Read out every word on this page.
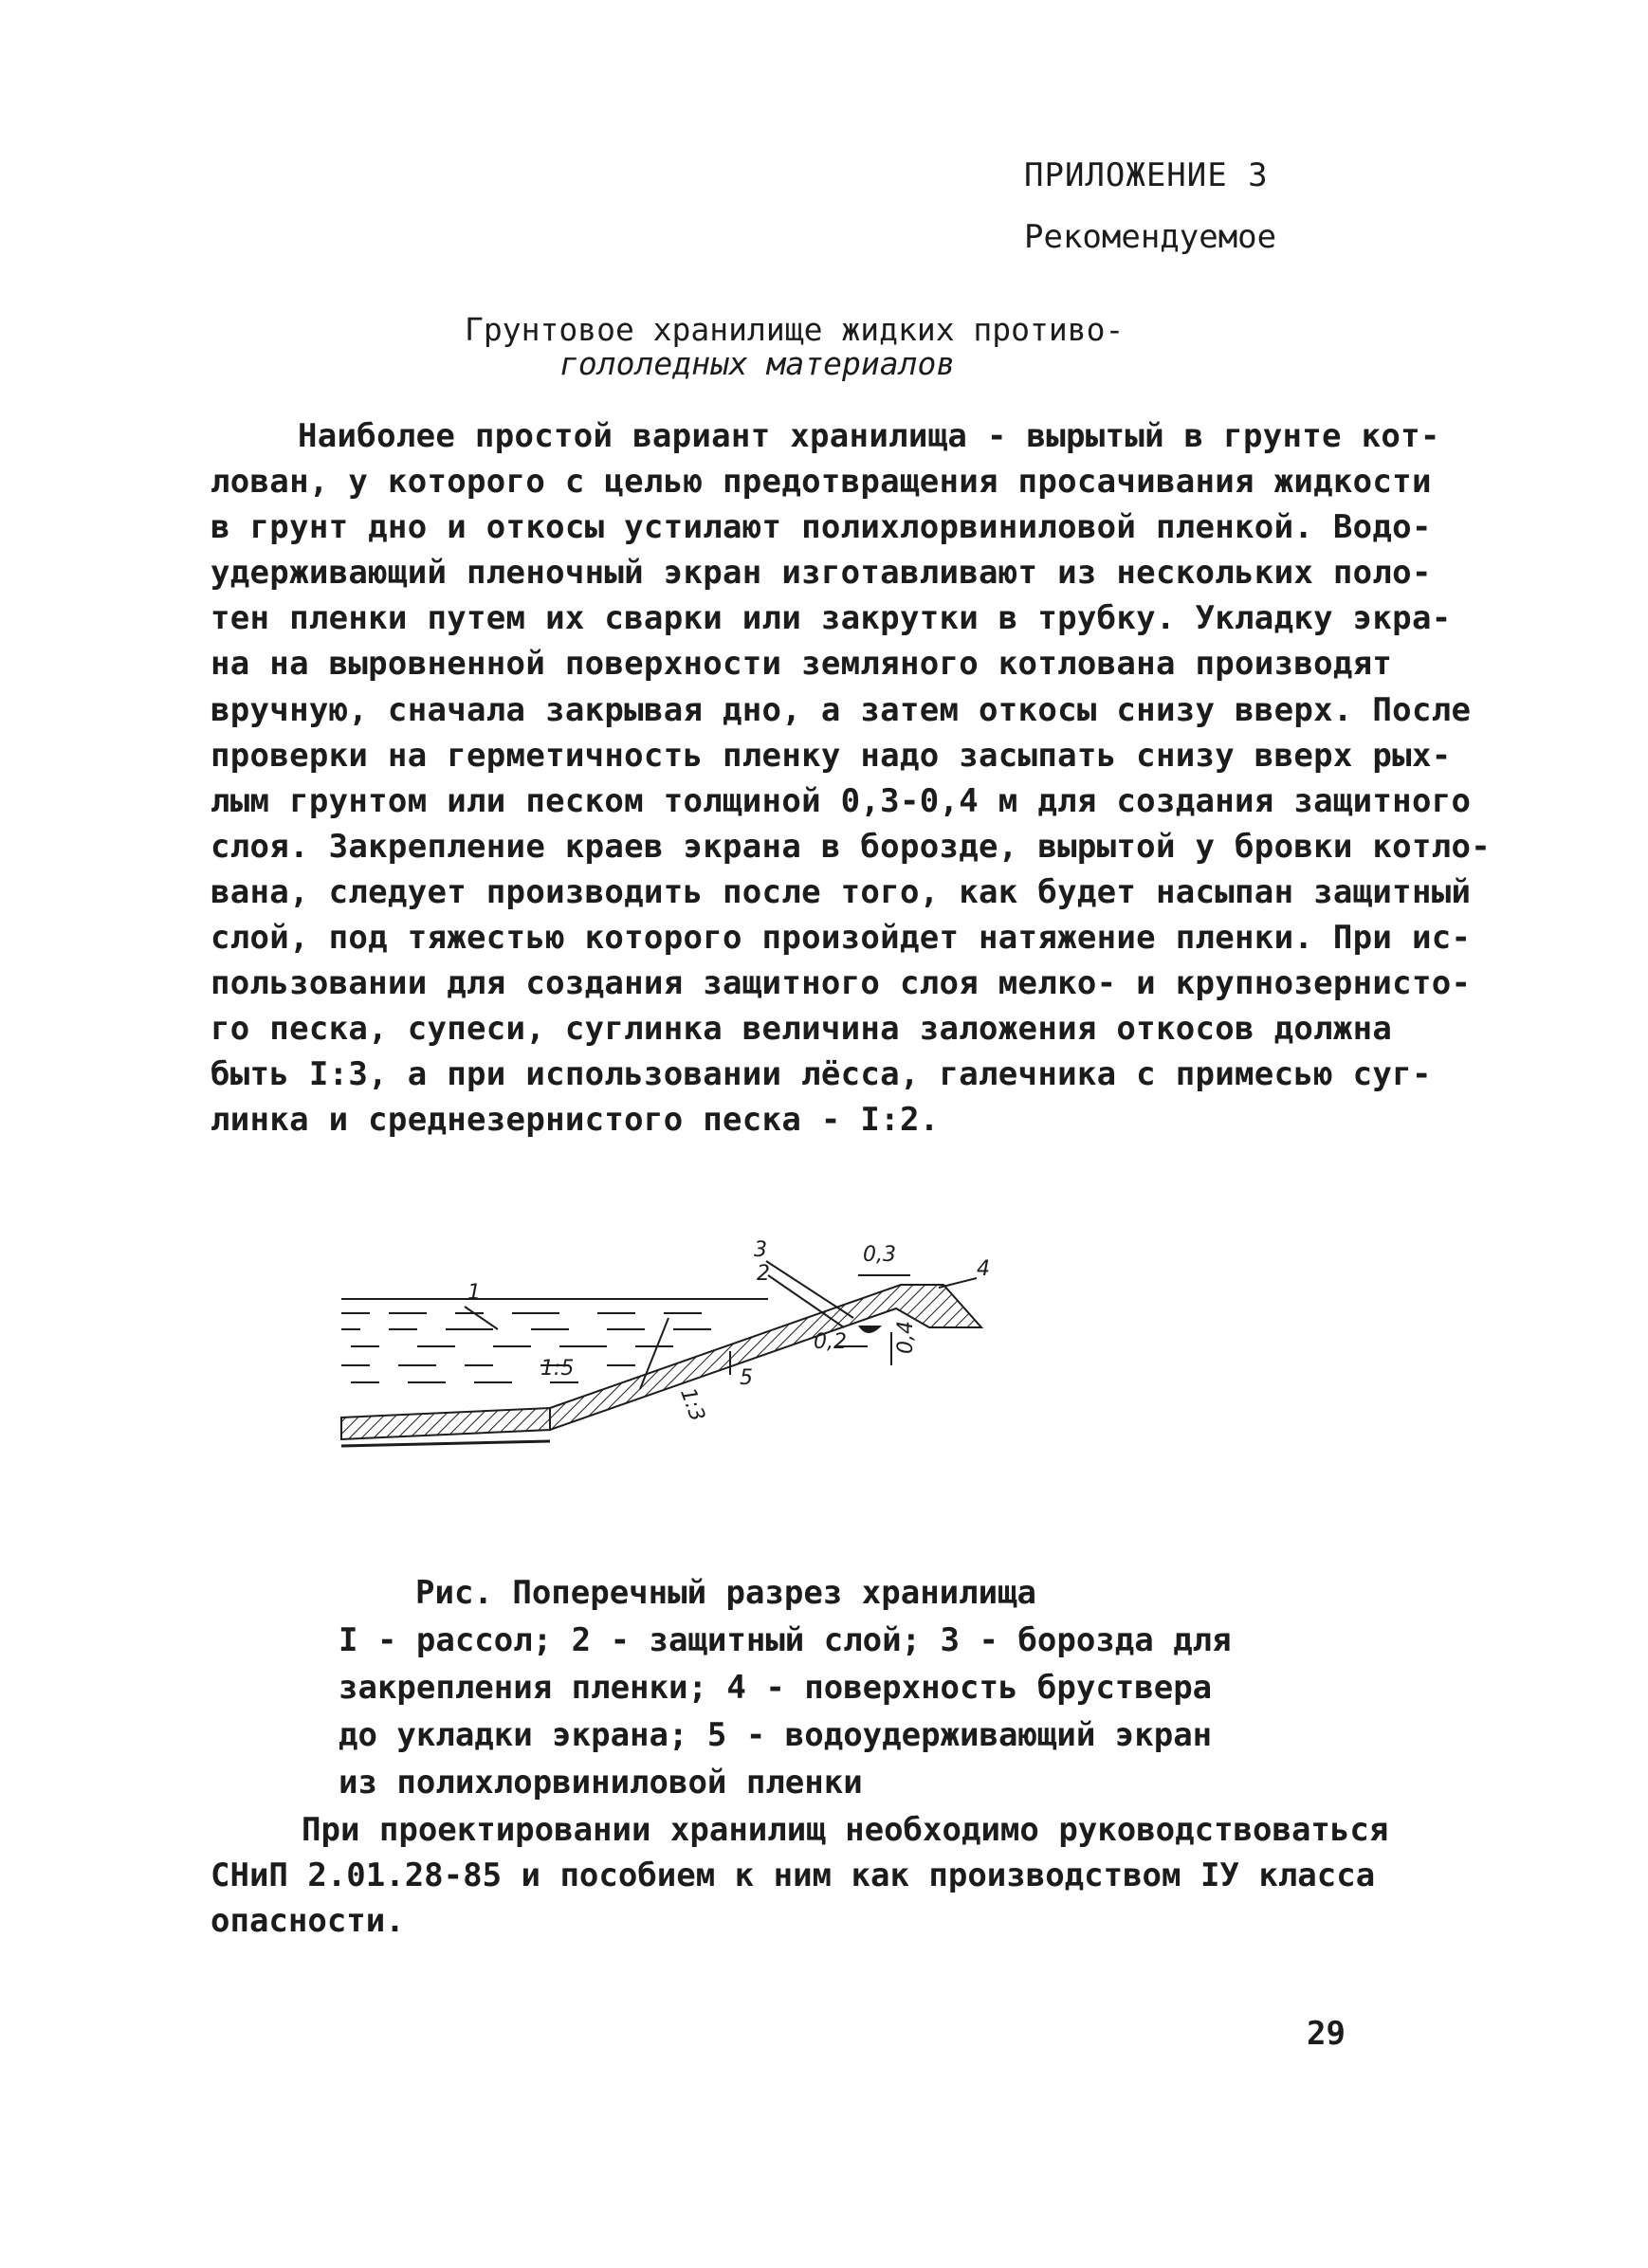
ПРИЛОЖЕНИЕ 3
Рекомендуемое
Грунтовое хранилище жидких противо-
гололедных материалов
Наиболее простой вариант хранилища - вырытый в грунте кот-
лован, у которого с целью предотвращения просачивания жидкости
в грунт дно и откосы устилают полихлорвиниловой пленкой. Водо-
удерживающий пленочный экран изготавливают из нескольких поло-
тен пленки путем их сварки или закрутки в трубку. Укладку экра-
на на выровненной поверхности земляного котлована производят
вручную, сначала закрывая дно, а затем откосы снизу вверх. После
проверки на герметичность пленку надо засыпать снизу вверх рых-
лым грунтом или песком толщиной 0,3-0,4 м для создания защитного
слоя. Закрепление краев экрана в борозде, вырытой у бровки котло-
вана, следует производить после того, как будет насыпан защитный
слой, под тяжестью которого произойдет натяжение пленки. При ис-
пользовании для создания защитного слоя мелко- и крупнозернисто-
го песка, супеси, суглинка величина заложения откосов должна
быть I:3, а при использовании лёсса, галечника с примесью суг-
линка и среднезернистого песка - I:2.
1
3
2	4
5
0,3
0,2 0,4
1:5
1:3
Рис. Поперечный разрез хранилища
I - рассол; 2 - защитный слой; 3 - борозда для
закрепления пленки; 4 - поверхность бруствера
до укладки экрана; 5 - водоудерживающий экран
из полихлорвиниловой пленки
При проектировании хранилищ необходимо руководствоваться
СНиП 2.01.28-85 и пособием к ним как производством IУ класса
опасности.
29
